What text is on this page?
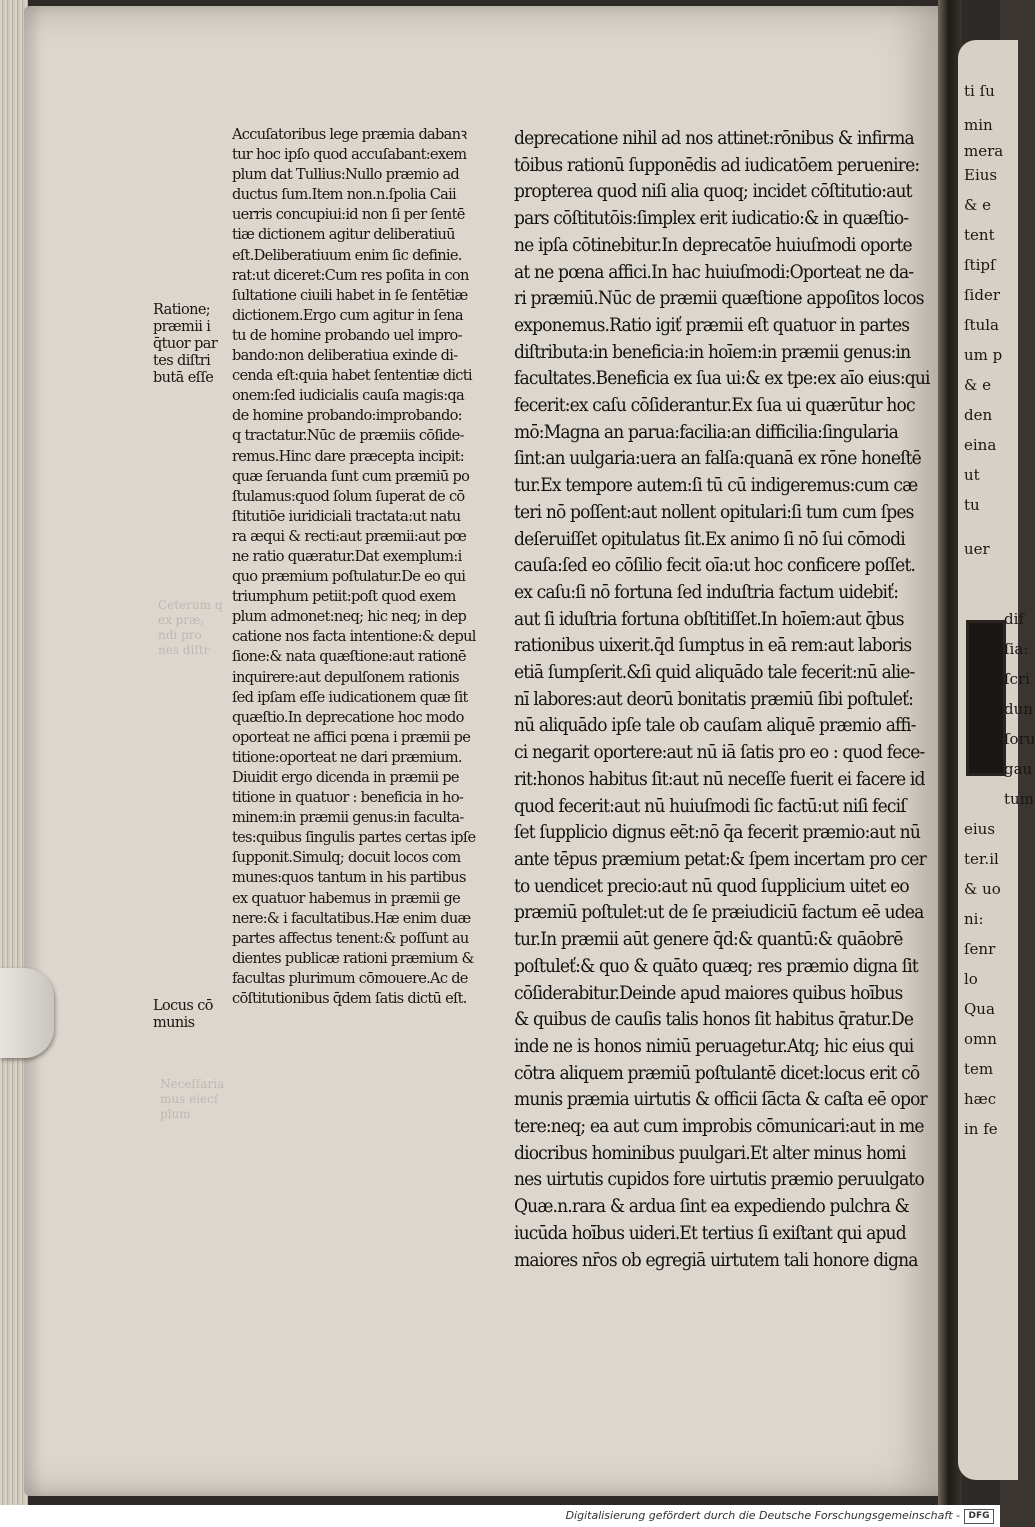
Accuſatoribus lege præmia dabanꝛ
tur hoc ipſo quod accuſabant:exem
plum dat Tullius:Nullo præmio ad
ductus ſum.Item non.n.ſpolia Caii
uerris concupiui:id non ſi per ſentē
tiæ dictionem agitur deliberatiuū
eſt.Deliberatiuum enim ſic definie.
rat:ut diceret:Cum res poſita in con
ſultatione ciuili habet in ſe ſentētiæ
dictionem.Ergo cum agitur in ſena
tu de homine probando uel impro-
bando:non deliberatiua exinde di-
cenda eſt:quia habet ſententiæ dicti
onem:ſed iudicialis cauſa magis:qa
de homine probando:improbando:
q tractatur.Nūc de præmiis cōſide-
remus.Hinc dare præcepta incipit:
quæ ſeruanda ſunt cum præmiū po
ſtulamus:quod ſolum ſuperat de cō
ſtitutiōe iuridiciali tractata:ut natu
ra æqui & recti:aut præmii:aut pœ
ne ratio quæratur.Dat exemplum:i
quo præmium poſtulatur.De eo qui
triumphum petiit:poſt quod exem
plum admonet:neq; hic neq; in dep
catione nos facta intentione:& depul
ſione:& nata quæſtione:aut rationē
inquirere:aut depulſonem rationis
ſed ipſam eſſe iudicationem quæ ſit
quæſtio.In deprecatione hoc modo
oporteat ne affici pœna i præmii pe
titione:oporteat ne dari præmium.
Diuidit ergo dicenda in præmii pe
titione in quatuor : beneficia in ho-
minem:in præmii genus:in faculta-
tes:quibus ſingulis partes certas ipſe
ſupponit.Simulq; docuit locos com
munes:quos tantum in his partibus
ex quatuor habemus in præmii ge
nere:& i facultatibus.Hæ enim duæ
partes affectus tenent:& poſſunt au
dientes publicæ rationi præmium &
facultas plurimum cōmouere.Ac de
cōſtitutionibus q̄dem ſatis dictū eſt.
deprecatione nihil ad nos attinet:rōnibus & infirma
tōibus rationū ſupponēdis ad iudicatōem peruenire:
propterea quod niſi alia quoq; incidet cōſtitutio:aut
pars cōſtitutōis:ſimplex erit iudicatio:& in quæſtio-
ne ipſa cōtinebitur.In deprecatōe huiuſmodi oporte
at ne pœna affici.In hac huiuſmodi:Oporteat ne da-
ri præmiū.Nūc de præmii quæſtione appoſitos locos
exponemus.Ratio igiť præmii eſt quatuor in partes
diſtributa:in beneficia:in hoīem:in præmii genus:in
facultates.Beneficia ex ſua ui:& ex tpe:ex aīo eius:qui
fecerit:ex caſu cōſiderantur.Ex ſua ui quærūtur hoc
mō:Magna an parua:facilia:an difficilia:ſingularia
ſint:an uulgaria:uera an falſa:quanā ex rōne honeſtē
tur.Ex tempore autem:ſi tū cū indigeremus:cum cæ
teri nō poſſent:aut nollent opitulari:ſi tum cum ſpes
deſeruiſſet opitulatus ſit.Ex animo ſi nō ſui cōmodi
cauſa:ſed eo cōſilio fecit oīa:ut hoc conficere poſſet.
ex caſu:ſi nō fortuna ſed induſtria factum uidebiť:
aut ſi iduſtria fortuna obſtitiſſet.In hoīem:aut q̄bus
rationibus uixerit.q̄d ſumptus in eā rem:aut laboris
etiā ſumpſerit.&ſi quid aliquādo tale fecerit:nū alie-
nī labores:aut deorū bonitatis præmiū ſibi poſtuleť:
nū aliquādo ipſe tale ob cauſam aliquē præmio affi-
ci negarit oportere:aut nū iā ſatis pro eo : quod fece-
rit:honos habitus ſit:aut nū neceſſe fuerit ei facere id
quod fecerit:aut nū huiuſmodi ſic factū:ut niſi feciſ
ſet ſupplicio dignus eēt:nō q̄a fecerit præmio:aut nū
ante tēpus præmium petat:& ſpem incertam pro cer
to uendicet precio:aut nū quod ſupplicium uitet eo
præmiū poſtulet:ut de ſe præiudiciū factum eē udea
tur.In præmii aūt genere q̄d:& quantū:& quāobrē
poſtuleť:& quo & quāto quæq; res præmio digna ſit
cōſiderabitur.Deinde apud maiores quibus hoībus
& quibus de cauſis talis honos ſit habitus q̄ratur.De
inde ne is honos nimiū peruagetur.Atq; hic eius qui
cōtra aliquem præmiū poſtulantē dicet:locus erit cō
munis præmia uirtutis & officii ſācta & caſta eē opor
tere:neq; ea aut cum improbis cōmunicari:aut in me
diocribus hominibus puulgari.Et alter minus homi
nes uirtutis cupidos fore uirtutis præmio peruulgato
Quæ.n.rara & ardua ſint ea expediendo pulchra &
iucūda hoībus uideri.Et tertius ſi exiſtant qui apud
maiores nr̄os ob egregiā uirtutem tali honore digna
Ratione;
præmii i
q̄tuor par
tes diſtri
butā eſſe
Locus cō
munis
Ceterum q
ex præ,
ndi pro
nes diſtr
Neceſſaria
mus eiecſ
plum
ti ſu
min
mera
Eius
& e
tent
ſtipſ
ſider
ſtula
um p
& e
den
eina
ut
tu
uer
dif
ſia:
ſcri
dun
ſoru
gau
tum
eius
ter.il
& uo
ni:
ſenr
lo
Qua
omn
tem
hæc
in fe
Digitalisierung gefördert durch die Deutsche Forschungsgemeinschaft - DFG
